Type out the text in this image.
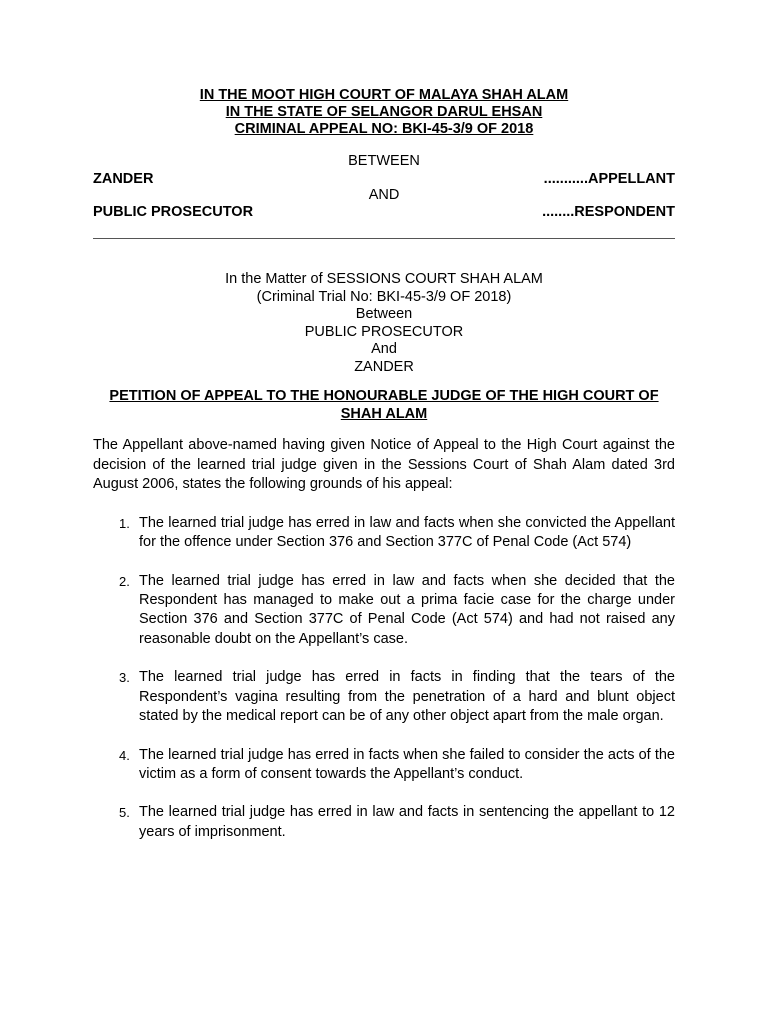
IN THE MOOT HIGH COURT OF MALAYA SHAH ALAM
IN THE STATE OF SELANGOR DARUL EHSAN
CRIMINAL APPEAL NO: BKI-45-3/9 OF 2018
BETWEEN
ZANDER	...........APPELLANT
AND
PUBLIC PROSECUTOR	........RESPONDENT
In the Matter of SESSIONS COURT SHAH ALAM
(Criminal Trial No: BKI-45-3/9 OF 2018)
Between
PUBLIC PROSECUTOR
And
ZANDER
PETITION OF APPEAL TO THE HONOURABLE JUDGE OF THE HIGH COURT OF SHAH ALAM
The Appellant above-named having given Notice of Appeal to the High Court against the decision of the learned trial judge given in the Sessions Court of Shah Alam dated 3rd August 2006, states the following grounds of his appeal:
1. The learned trial judge has erred in law and facts when she convicted the Appellant for the offence under Section 376 and Section 377C of Penal Code (Act 574)
2. The learned trial judge has erred in law and facts when she decided that the Respondent has managed to make out a prima facie case for the charge under Section 376 and Section 377C of Penal Code (Act 574) and had not raised any reasonable doubt on the Appellant’s case.
3. The learned trial judge has erred in facts in finding that the tears of the Respondent’s vagina resulting from the penetration of a hard and blunt object stated by the medical report can be of any other object apart from the male organ.
4. The learned trial judge has erred in facts when she failed to consider the acts of the victim as a form of consent towards the Appellant’s conduct.
5. The learned trial judge has erred in law and facts in sentencing the appellant to 12 years of imprisonment.
